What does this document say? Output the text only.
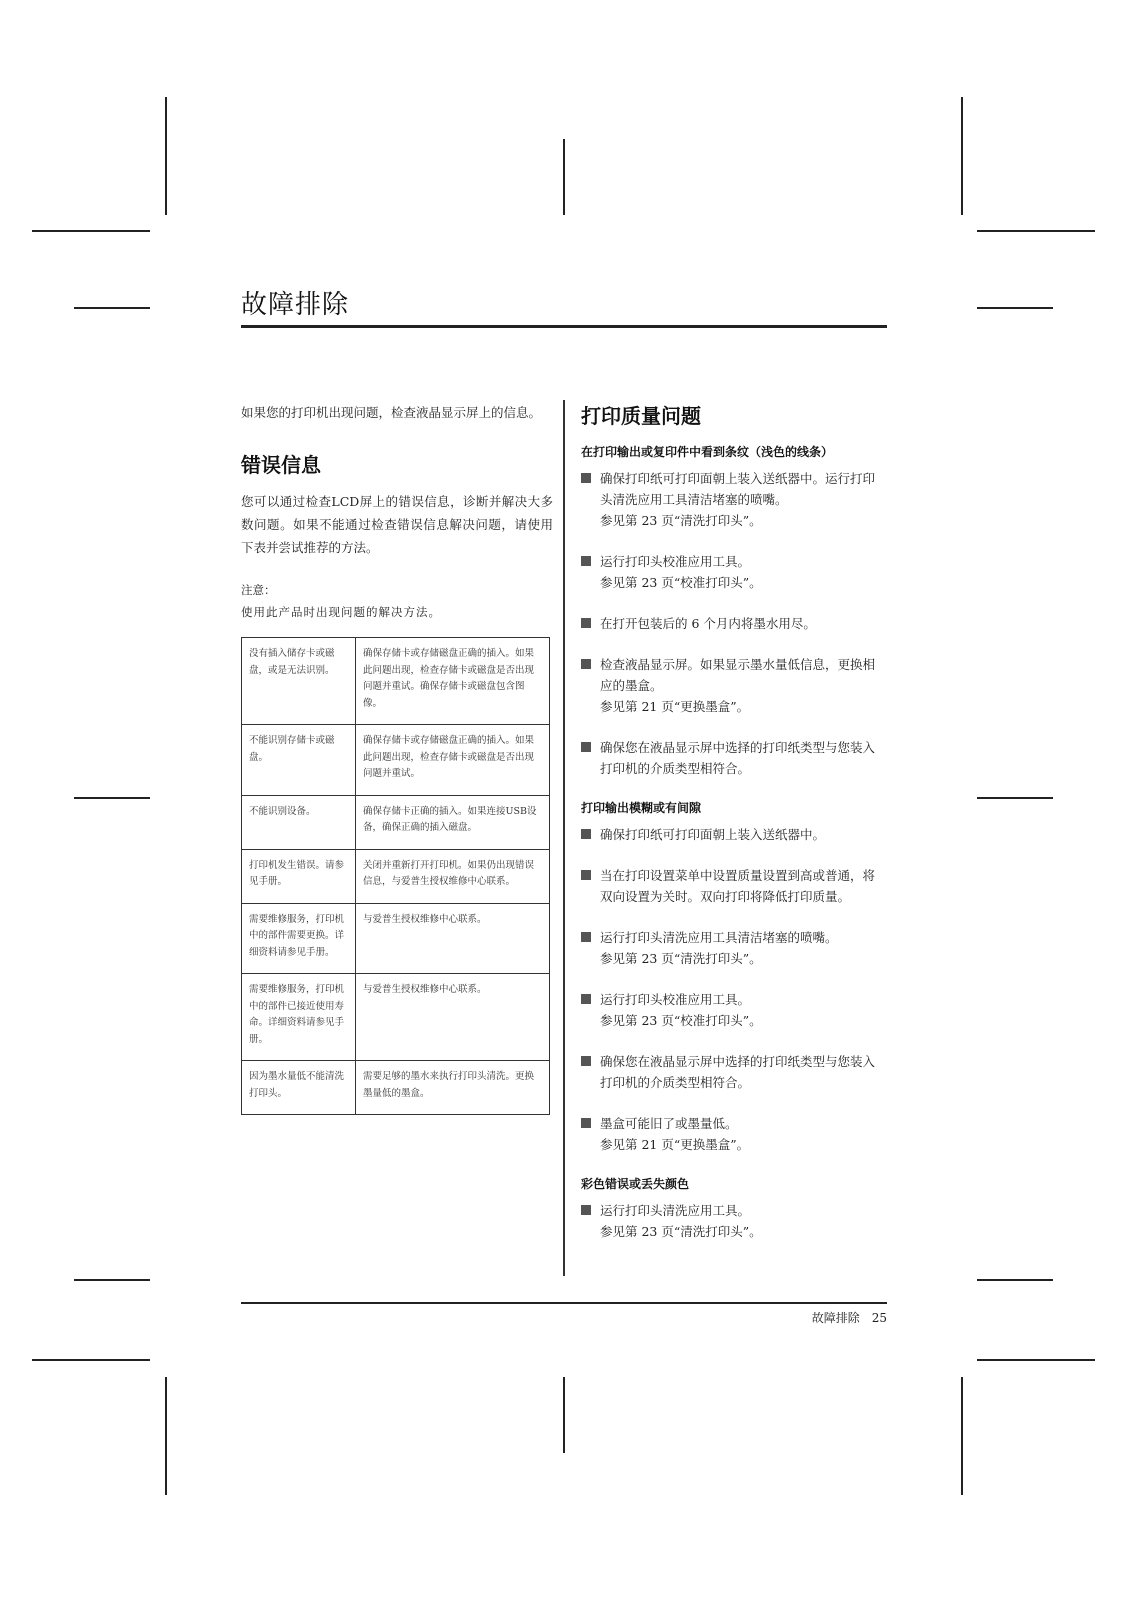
故障排除

如果您的打印机出现问题，检查液晶显示屏上的信息。

错误信息

您可以通过检查LCD屏上的错误信息，诊断并解决大多数问题。如果不能通过检查错误信息解决问题，请使用下表并尝试推荐的方法。

注意：
使用此产品时出现问题的解决方法。
没有插入储存卡或磁盘，或是无法识别。	确保存储卡或存储磁盘正确的插入。如果此问题出现，检查存储卡或磁盘是否出现问题并重试。确保存储卡或磁盘包含图像。
不能识别存储卡或磁盘。	确保存储卡或存储磁盘正确的插入。如果此问题出现，检查存储卡或磁盘是否出现问题并重试。
不能识别设备。	确保存储卡正确的插入。如果连接USB设备，确保正确的插入磁盘。
打印机发生错误。请参见手册。	关闭并重新打开打印机。如果仍出现错误信息，与爱普生授权维修中心联系。
需要维修服务，打印机中的部件需要更换。详细资料请参见手册。	与爱普生授权维修中心联系。
需要维修服务，打印机中的部件已接近使用寿命。详细资料请参见手册。	与爱普生授权维修中心联系。
因为墨水量低不能清洗打印头。	需要足够的墨水来执行打印头清洗。更换墨量低的墨盒。
打印质量问题
在打印输出或复印件中看到条纹（浅色的线条）
确保打印纸可打印面朝上装入送纸器中。运行打印头清洗应用工具清洁堵塞的喷嘴。
参见第 23 页“清洗打印头”。
运行打印头校准应用工具。
参见第 23 页“校准打印头”。
在打开包装后的 6 个月内将墨水用尽。
检查液晶显示屏。如果显示墨水量低信息，更换相应的墨盒。
参见第 21 页“更换墨盒”。
确保您在液晶显示屏中选择的打印纸类型与您装入打印机的介质类型相符合。
打印输出模糊或有间隙
确保打印纸可打印面朝上装入送纸器中。
当在打印设置菜单中设置质量设置到高或普通，将双向设置为关时。双向打印将降低打印质量。
运行打印头清洗应用工具清洁堵塞的喷嘴。
参见第 23 页“清洗打印头”。
运行打印头校准应用工具。
参见第 23 页“校准打印头”。
确保您在液晶显示屏中选择的打印纸类型与您装入打印机的介质类型相符合。
墨盒可能旧了或墨量低。
参见第 21 页“更换墨盒”。
彩色错误或丢失颜色
运行打印头清洗应用工具。
参见第 23 页“清洗打印头”。
故障排除 25
